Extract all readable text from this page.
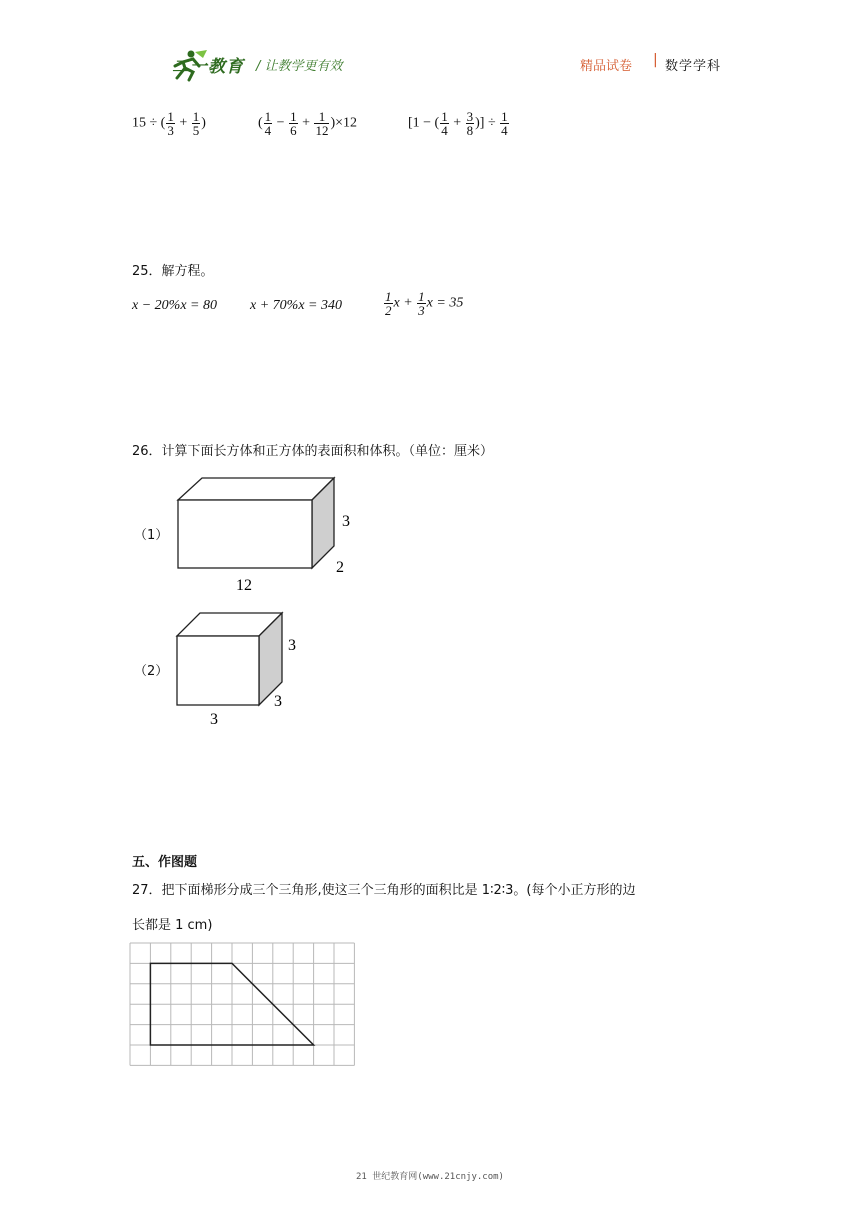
二一教育 / 让教学更有效	精品试卷 | 数学学科
15 ÷ ( $\frac{1}{3} + \frac{1}{5}$ )	( $\frac{1}{4} - \frac{1}{6} + \frac{1}{12} )\times 12$	[1 − ( $\frac{1}{4} + \frac{3}{8}$ )] ÷ $\frac{1}{4}$
25．解方程。
x − 20%x = 80 x + 70%x = 340	$\frac{1}{2}$ $x + \frac{1}{3}$ x = 35
26．计算下面长方体和正方体的表面积和体积。（单位：厘米）
（1）
12
3
2
（2）
3
3
3
五、作图题
27．把下面梯形分成三个三角形,使这三个三角形的面积比是 1∶2∶3。(每个小正方形的边
长都是 1 cm)
21 世纪教育网(www.21cnjy.com)
